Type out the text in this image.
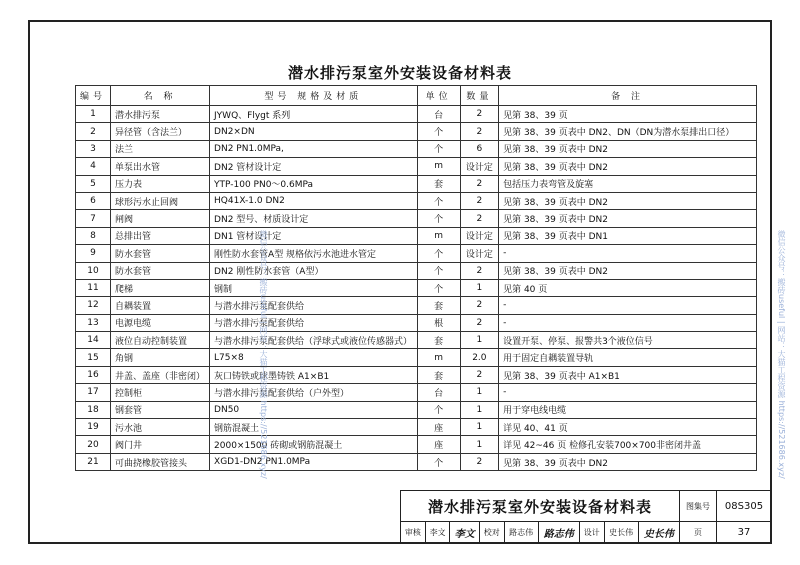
潜水排污泵室外安装设备材料表
编号	名 称	型号 规格及材质	单位	数量	备 注
1	潜水排污泵	JYWQ、Flygt 系列	台	2	见第 38、39 页
2	异径管（含法兰）	DN2×DN	个	2	见第 38、39 页表中 DN2、DN（DN为潜水泵排出口径）
3	法兰	DN2 PN1.0MPa,	个	6	见第 38、39 页表中 DN2
4	单泵出水管	DN2 管材设计定	m	设计定	见第 38、39 页表中 DN2
5	压力表	YTP-100 PN0～0.6MPa	套	2	包括压力表弯管及旋塞
6	球形污水止回阀	HQ41X-1.0 DN2	个	2	见第 38、39 页表中 DN2
7	闸阀	DN2 型号、材质设计定	个	2	见第 38、39 页表中 DN2
8	总排出管	DN1 管材设计定	m	设计定	见第 38、39 页表中 DN1
9	防水套管	刚性防水套管A型 规格依污水池进水管定	个	设计定	-
10	防水套管	DN2 刚性防水套管（A型）	个	2	见第 38、39 页表中 DN2
11	爬梯	钢制	个	1	见第 40 页
12	自耦装置	与潜水排污泵配套供给	套	2	-
13	电源电缆	与潜水排污泵配套供给	根	2	-
14	液位自动控制装置	与潜水排污泵配套供给（浮球式或液位传感器式）	套	1	设置开泵、停泵、报警共3个液位信号
15	角钢	L75×8	m	2.0	用于固定自耦装置导轨
16	井盖、盖座（非密闭）	灰口铸铁或球墨铸铁 A1×B1	套	2	见第 38、39 页表中 A1×B1
17	控制柜	与潜水排污泵配套供给（户外型）	台	1	-
18	钢套管	DN50	个	1	用于穿电线电缆
19	污水池	钢筋混凝土	座	1	详见 40、41 页
20	阀门井	2000×1500 砖砌或钢筋混凝土	座	1	详见 42~46 页 检修孔安装700×700非密闭井盖
21	可曲挠橡胶管接头	XGD1-DN2 PN1.0MPa	个	2	见第 38、39 页表中 DN2
潜水排污泵室外安装设备材料表									图集号	08S305
审核	李文	李文	校对	路志伟	路志伟	设计	史长伟	史长伟	页	37
微信公众号：搬砖useful | 网站：大猫工程资源 https://521686.xyz/	微信公众号：搬砖useful | 网站：大猫工程资源 https://521686.xyz/
